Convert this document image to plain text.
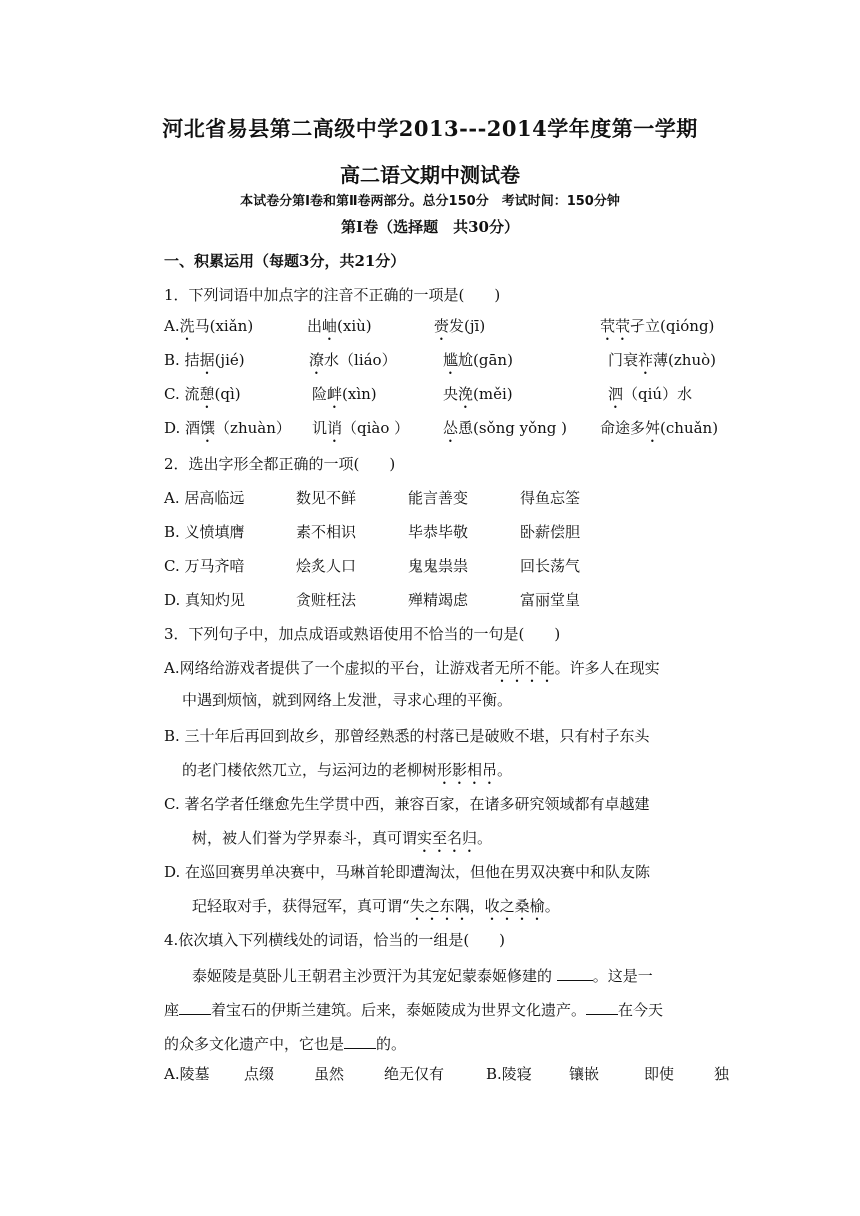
河北省易县第二高级中学2013---2014学年度第一学期
高二语文期中测试卷
本试卷分第Ⅰ卷和第Ⅱ卷两部分。总分150分　考试时间：150分钟
第Ⅰ卷（选择题　共30分）
一、积累运用（每题3分，共21分）
1．下列词语中加点字的注音不正确的一项是(　　)
A.洗马(xiǎn)	出岫(xiù)	赍发(jī)	茕茕孑立(qióng)
B. 拮据(jié)	潦水（liáo）	尴尬(gān)	门衰祚薄(zhuò)
C. 流憩(qì)	险衅(xìn)	央浼(měi)	泗（qiú）水
D. 酒馔（zhuàn） 讥诮（qiào ） 怂恿(sǒng yǒng ) 命途多舛(chuǎn)
2．选出字形全都正确的一项(　　)
A. 居高临远	数见不鲜	能言善变	得鱼忘筌
B. 义愤填膺	素不相识	毕恭毕敬	卧薪偿胆
C. 万马齐喑	烩炙人口	鬼鬼祟祟	回长荡气
D. 真知灼见	贪赃枉法	殚精竭虑	富丽堂皇
3．下列句子中，加点成语或熟语使用不恰当的一句是(　　)
A.网络给游戏者提供了一个虚拟的平台，让游戏者无所不能。许多人在现实
中遇到烦恼，就到网络上发泄，寻求心理的平衡。
B. 三十年后再回到故乡，那曾经熟悉的村落已是破败不堪，只有村子东头
的老门楼依然兀立，与运河边的老柳树形影相吊。
C. 著名学者任继愈先生学贯中西，兼容百家，在诸多研究领域都有卓越建
树，被人们誉为学界泰斗，真可谓实至名归。
D. 在巡回赛男单决赛中，马琳首轮即遭淘汰，但他在男双决赛中和队友陈
玘轻取对手，获得冠军，真可谓“失之东隅，收之桑榆。
4.依次填入下列横线处的词语，恰当的一组是(　　)
泰姬陵是莫卧儿王朝君主沙贾汗为其宠妃蒙泰姬修建的	。这是一
座 着宝石的伊斯兰建筑。后来，泰姬陵成为世界文化遗产。 在今天
的众多文化遗产中，它也是 的。
A.陵墓 点缀	虽然	绝无仅有	B.陵寝 镶嵌	即使	独
